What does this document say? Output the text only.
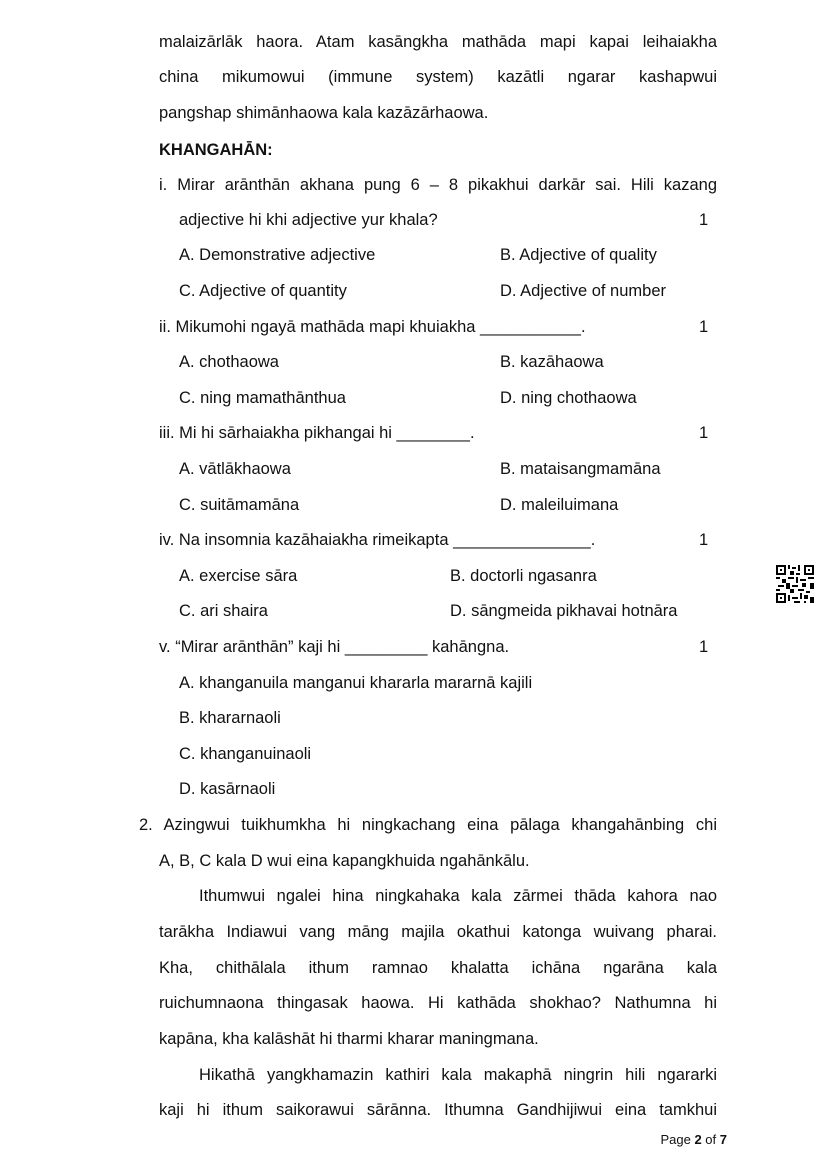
malaizārlāk haora. Atam kasāngkha mathāda mapi kapai leihaiakha
china mikumowui (immune system) kazātli ngarar kashapwui
pangshap shimānhaowa kala kazāzārhaowa.
KHANGAHĀN:
i. Mirar arānthān akhana pung 6 – 8 pikakhui darkār sai. Hili kazang
adjective hi khi adjective yur khala?	1
A. Demonstrative adjective	B. Adjective of quality
C. Adjective of quantity	D. Adjective of number
ii. Mikumohi ngayā mathāda mapi khuiakha ___________.	1
A. chothaowa	B. kazāhaowa
C. ning mamathānthua	D. ning chothaowa
iii. Mi hi sārhaiakha pikhangai hi ________.	1
A. vātlākhaowa	B. mataisangmamāna
C. suitāmamāna	D. maleiluimana
iv. Na insomnia kazāhaiakha rimeikapta _______________.	1
A. exercise sāra	B. doctorli ngasanra
C. ari shaira	D. sāngmeida pikhavai hotnāra
v. “Mirar arānthān” kaji hi _________ kahāngna.	1
A. khanganuila manganui khararla mararnā kajili
B. khararnaoli
C. khanganuinaoli
D. kasārnaoli
2. Azingwui tuikhumkha hi ningkachang eina pālaga khangahānbing chi
A, B, C kala D wui eina kapangkhuida ngahānkālu.
Ithumwui ngalei hina ningkahaka kala zārmei thāda kahora nao
tarākha Indiawui vang māng majila okathui katonga wuivang pharai.
Kha, chithālala ithum ramnao khalatta ichāna ngarāna kala
ruichumnaona thingasak haowa. Hi kathāda shokhao? Nathumna hi
kapāna, kha kalāshāt hi tharmi kharar maningmana.
Hikathā yangkhamazin kathiri kala makaphā ningrin hili ngararki
kaji hi ithum saikorawui sārānna. Ithumna Gandhijiwui eina tamkhui
Page 2 of 7
